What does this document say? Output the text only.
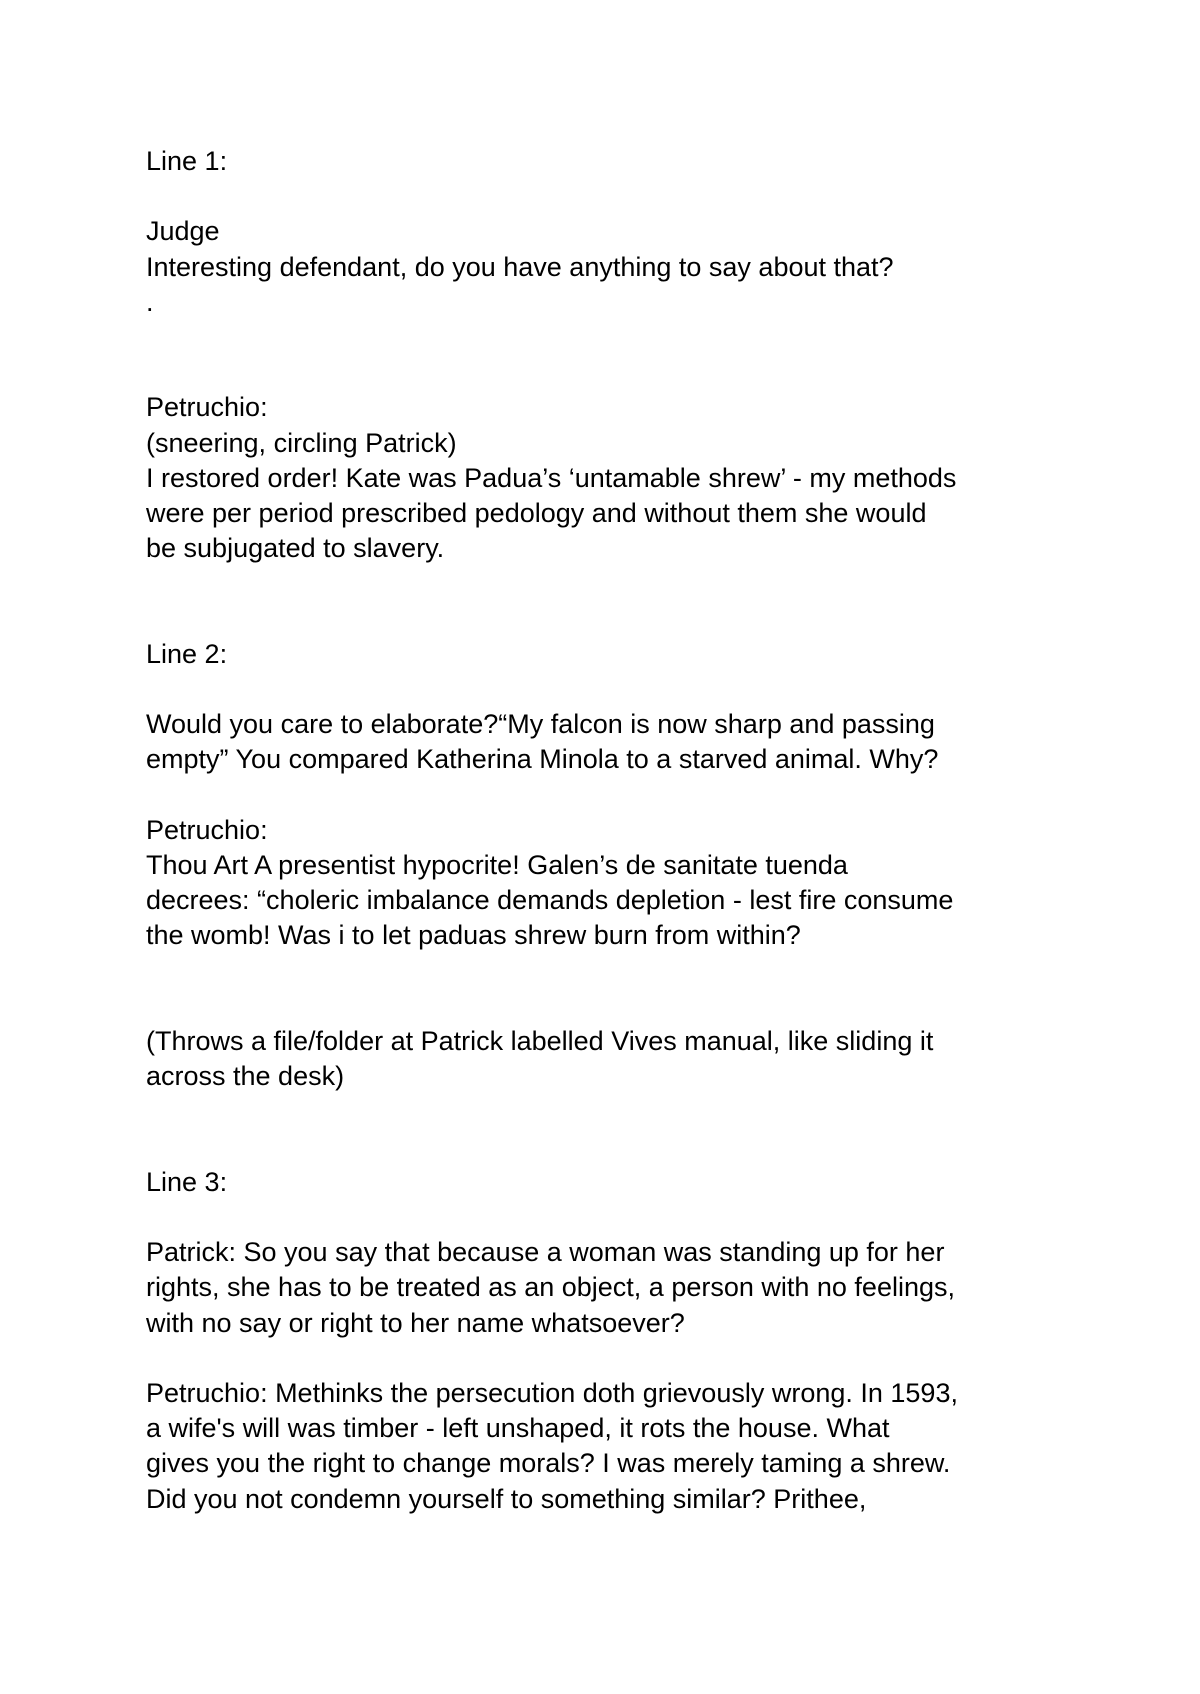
Line 1:
Judge
Interesting defendant, do you have anything to say about that?
.
Petruchio:
(sneering, circling Patrick)
I restored order! Kate was Padua’s ‘untamable shrew’ - my methods
were per period prescribed pedology and without them she would
be subjugated to slavery.
Line 2:
Would you care to elaborate?“My falcon is now sharp and passing
empty” You compared Katherina Minola to a starved animal. Why?
Petruchio:
Thou Art A presentist hypocrite! Galen’s de sanitate tuenda
decrees: “choleric imbalance demands depletion - lest fire consume
the womb! Was i to let paduas shrew burn from within?
(Throws a file/folder at Patrick labelled Vives manual, like sliding it
across the desk)
Line 3:
Patrick: So you say that because a woman was standing up for her
rights, she has to be treated as an object, a person with no feelings,
with no say or right to her name whatsoever?
Petruchio: Methinks the persecution doth grievously wrong. In 1593,
a wife's will was timber - left unshaped, it rots the house. What
gives you the right to change morals? I was merely taming a shrew.
Did you not condemn yourself to something similar? Prithee,
